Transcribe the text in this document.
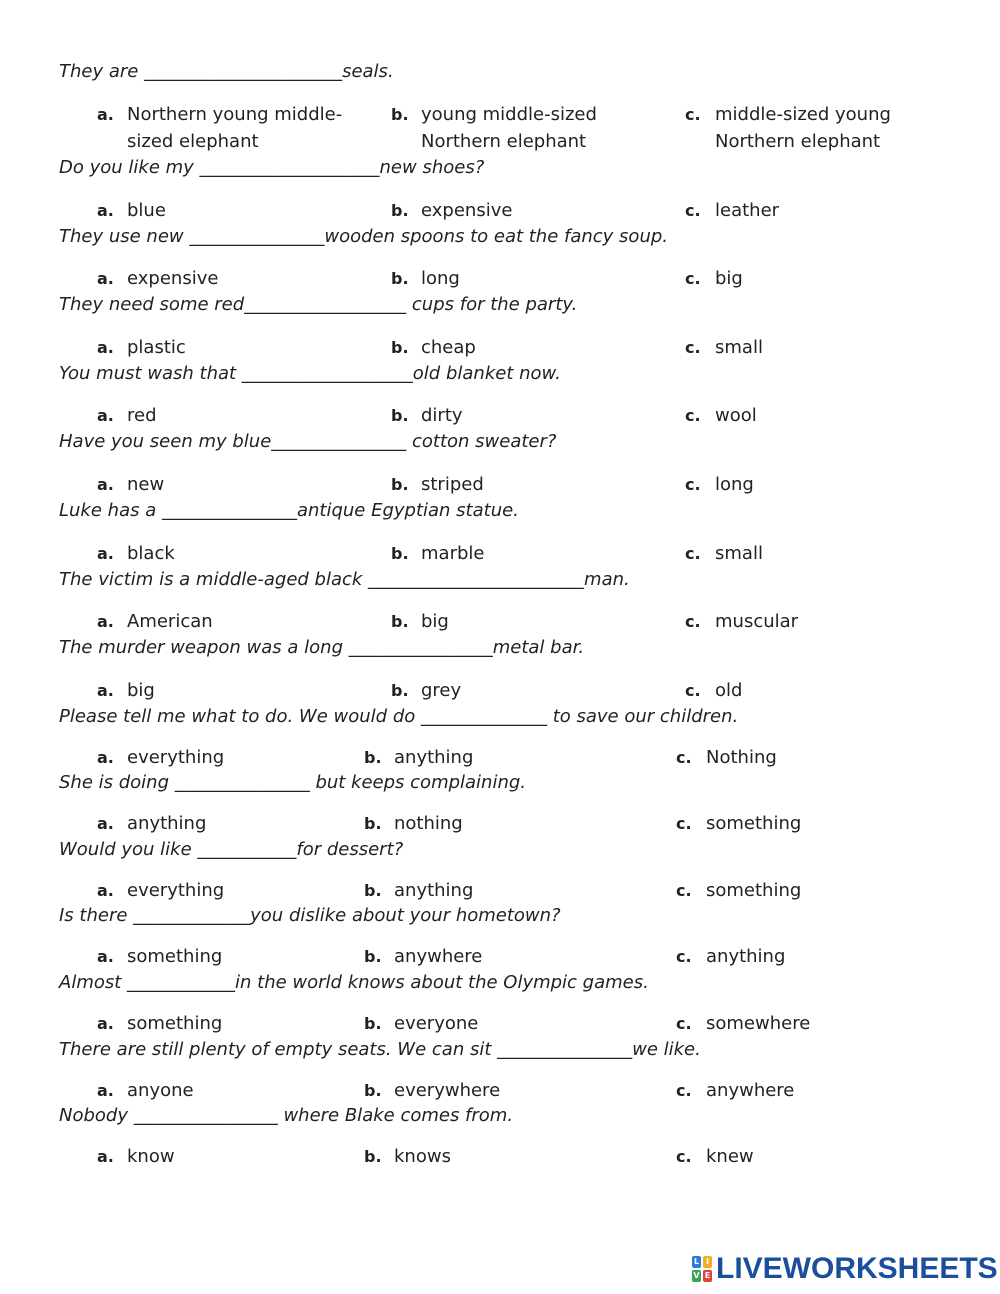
They are ______________________seals.
a. Northern young middle-sized elephant
b. young middle-sized Northern elephant
c. middle-sized young Northern elephant
Do you like my ____________________new shoes?
a. blue	b. expensive	c. leather
They use new _______________wooden spoons to eat the fancy soup.
a. expensive	b. long	c. big
They need some red__________________ cups for the party.
a. plastic	b. cheap	c. small
You must wash that ___________________old blanket now.
a. red	b. dirty	c. wool
Have you seen my blue_______________ cotton sweater?
a. new	b. striped	c. long
Luke has a _______________antique Egyptian statue.
a. black	b. marble	c. small
The victim is a middle-aged black ________________________man.
a. American	b. big	c. muscular
The murder weapon was a long ________________metal bar.
a. big	b. grey	c. old
Please tell me what to do. We would do ______________ to save our children.
a. everything	b. anything	c. Nothing
She is doing _______________ but keeps complaining.
a. anything	b. nothing	c. something
Would you like ___________for dessert?
a. everything	b. anything	c. something
Is there _____________you dislike about your hometown?
a. something	b. anywhere	c. anything
Almost ____________in the world knows about the Olympic games.
a. something	b. everyone	c. somewhere
There are still plenty of empty seats. We can sit _______________we like.
a. anyone	b. everywhere	c. anywhere
Nobody ________________ where Blake comes from.
a. know	b. knows	c. knew
L I
V E LIVEWORKSHEETS
